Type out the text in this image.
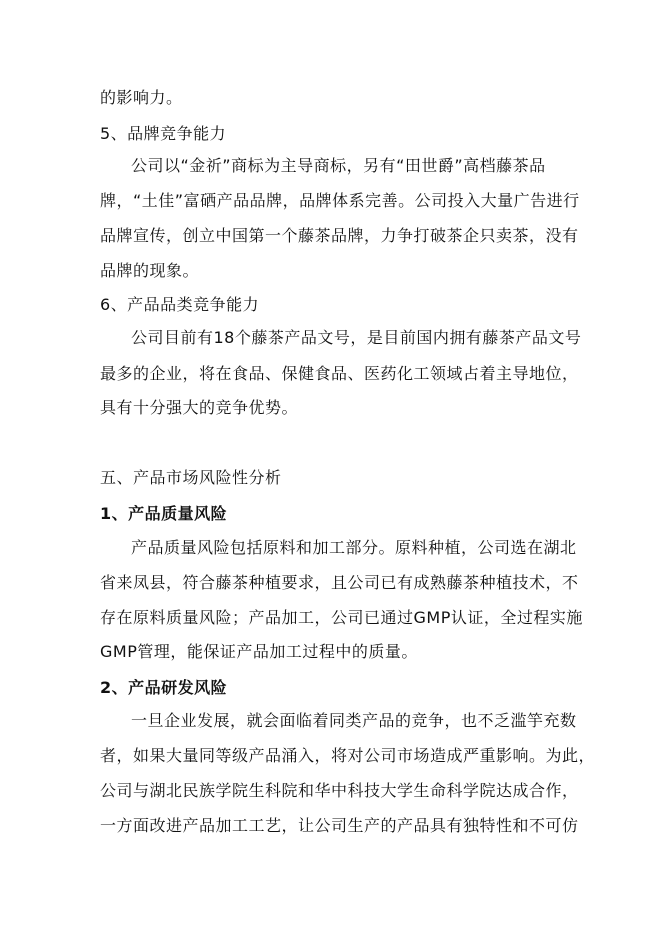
的影响力。
5、品牌竞争能力
公司以“金祈”商标为主导商标，另有“田世爵”高档藤茶品
牌，“土佳”富硒产品品牌，品牌体系完善。公司投入大量广告进行
品牌宣传，创立中国第一个藤茶品牌，力争打破茶企只卖茶，没有
品牌的现象。
6、产品品类竞争能力
公司目前有18个藤茶产品文号，是目前国内拥有藤茶产品文号
最多的企业，将在食品、保健食品、医药化工领域占着主导地位，
具有十分强大的竞争优势。
五、产品市场风险性分析
1、产品质量风险
产品质量风险包括原料和加工部分。原料种植，公司选在湖北
省来凤县，符合藤茶种植要求，且公司已有成熟藤茶种植技术，不
存在原料质量风险；产品加工，公司已通过GMP认证，全过程实施
GMP管理，能保证产品加工过程中的质量。
2、产品研发风险
一旦企业发展，就会面临着同类产品的竞争，也不乏滥竽充数
者，如果大量同等级产品涌入，将对公司市场造成严重影响。为此，
公司与湖北民族学院生科院和华中科技大学生命科学院达成合作，
一方面改进产品加工工艺，让公司生产的产品具有独特性和不可仿
